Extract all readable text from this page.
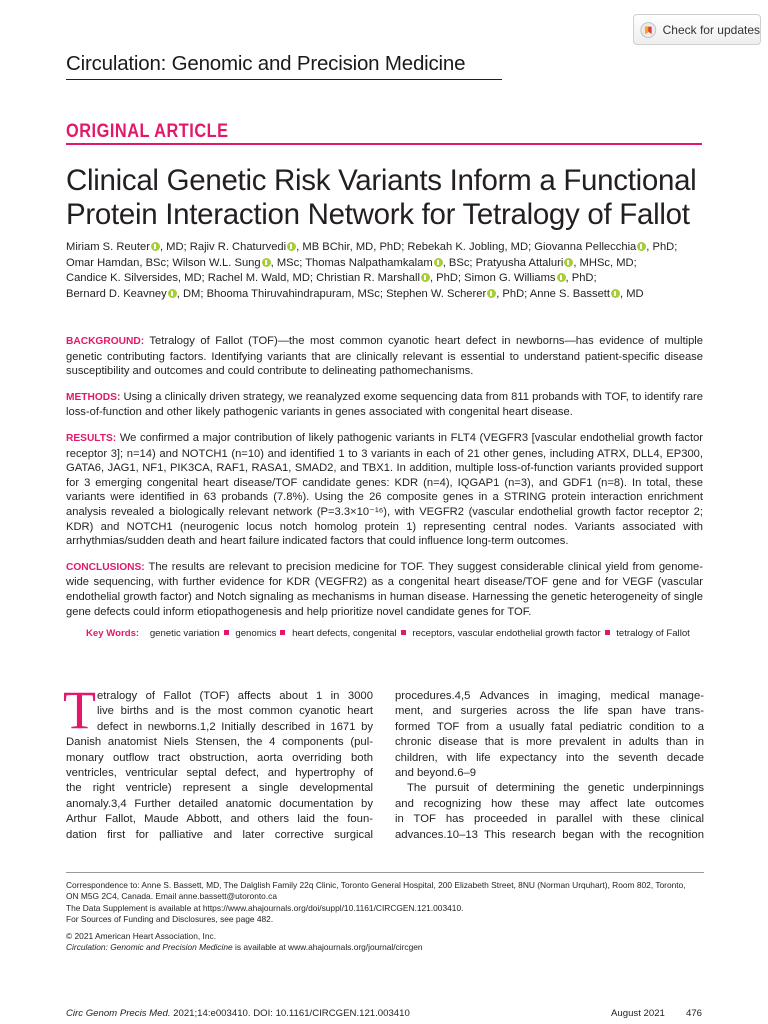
Check for updates
Circulation: Genomic and Precision Medicine
ORIGINAL ARTICLE
Clinical Genetic Risk Variants Inform a Functional
Protein Interaction Network for Tetralogy of Fallot
Miriam S. Reuter , MD; Rajiv R. Chaturvedi , MB BChir, MD, PhD; Rebekah K. Jobling, MD; Giovanna Pellecchia , PhD;
Omar Hamdan, BSc; Wilson W.L. Sung , MSc; Thomas Nalpathamkalam , BSc; Pratyusha Attaluri , MHSc, MD;
Candice K. Silversides, MD; Rachel M. Wald, MD; Christian R. Marshall , PhD; Simon G. Williams , PhD;
Bernard D. Keavney , DM; Bhooma Thiruvahindrapuram, MSc; Stephen W. Scherer , PhD; Anne S. Bassett , MD

BACKGROUND: Tetralogy of Fallot (TOF)—the most common cyanotic heart defect in newborns—has evidence of multiple genetic contributing factors. Identifying variants that are clinically relevant is essential to understand patient-specific disease susceptibility and outcomes and could contribute to delineating pathomechanisms.

METHODS: Using a clinically driven strategy, we reanalyzed exome sequencing data from 811 probands with TOF, to identify rare loss-of-function and other likely pathogenic variants in genes associated with congenital heart disease.

RESULTS: We confirmed a major contribution of likely pathogenic variants in FLT4 (VEGFR3 [vascular endothelial growth factor receptor 3]; n=14) and NOTCH1 (n=10) and identified 1 to 3 variants in each of 21 other genes, including ATRX, DLL4, EP300, GATA6, JAG1, NF1, PIK3CA, RAF1, RASA1, SMAD2, and TBX1. In addition, multiple loss-of-function variants provided support for 3 emerging congenital heart disease/TOF candidate genes: KDR (n=4), IQGAP1 (n=3), and GDF1 (n=8). In total, these variants were identified in 63 probands (7.8%). Using the 26 composite genes in a STRING protein interaction enrichment analysis revealed a biologically relevant network (P=3.3×10⁻¹⁶), with VEGFR2 (vascular endothelial growth factor receptor 2; KDR) and NOTCH1 (neurogenic locus notch homolog protein 1) representing central nodes. Variants associated with arrhythmias/sudden death and heart failure indicated factors that could influence long-term outcomes.

CONCLUSIONS: The results are relevant to precision medicine for TOF. They suggest considerable clinical yield from genome-wide sequencing, with further evidence for KDR (VEGFR2) as a congenital heart disease/TOF gene and for VEGF (vascular endothelial growth factor) and Notch signaling as mechanisms in human disease. Harnessing the genetic heterogeneity of single gene defects could inform etiopathogenesis and help prioritize novel candidate genes for TOF.

Key Words: genetic variation genomics heart defects, congenital receptors, vascular endothelial growth factor tetralogy of Fallot
T etralogy of Fallot (TOF) affects about 1 in 3000
live births and is the most common cyanotic heart
defect in newborns.1,2 Initially described in 1671 by
Danish anatomist Niels Stensen, the 4 components (pul-
monary outflow tract obstruction, aorta overriding both
ventricles, ventricular septal defect, and hypertrophy of
the right ventricle) represent a single developmental
anomaly.3,4 Further detailed anatomic documentation by
Arthur Fallot, Maude Abbott, and others laid the foun-
dation first for palliative and later corrective surgical
procedures.4,5 Advances in imaging, medical manage-
ment, and surgeries across the life span have trans-
formed TOF from a usually fatal pediatric condition to a
chronic disease that is more prevalent in adults than in
children, with life expectancy into the seventh decade
and beyond.6–9
The pursuit of determining the genetic underpinnings
and recognizing how these may affect late outcomes
in TOF has proceeded in parallel with these clinical
advances.10–13 This research began with the recognition
Correspondence to: Anne S. Bassett, MD, The Dalglish Family 22q Clinic, Toronto General Hospital, 200 Elizabeth Street, 8NU (Norman Urquhart), Room 802, Toronto,
ON M5G 2C4, Canada. Email anne.bassett@utoronto.ca
The Data Supplement is available at https://www.ahajournals.org/doi/suppl/10.1161/CIRCGEN.121.003410.
For Sources of Funding and Disclosures, see page 482.
© 2021 American Heart Association, Inc.
Circulation: Genomic and Precision Medicine is available at www.ahajournals.org/journal/circgen
Circ Genom Precis Med. 2021;14:e003410. DOI: 10.1161/CIRCGEN.121.003410	August 2021 476
